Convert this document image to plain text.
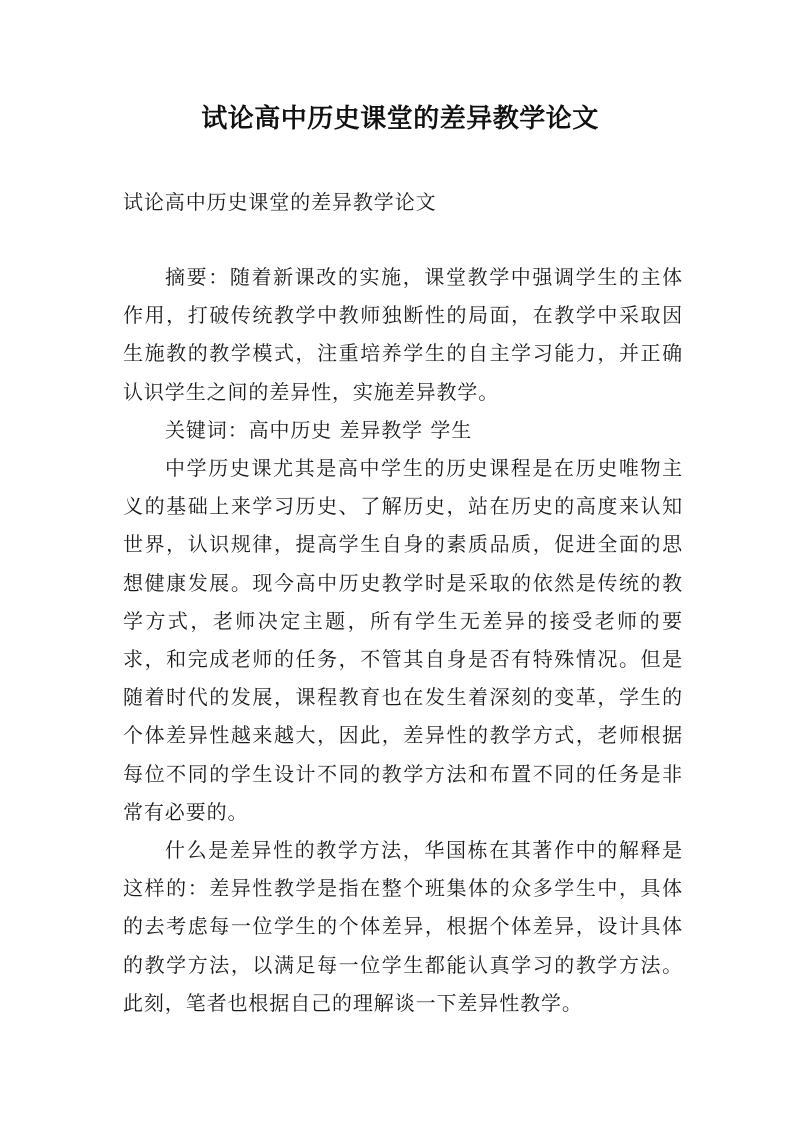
试论高中历史课堂的差异教学论文
试论高中历史课堂的差异教学论文

摘要：随着新课改的实施，课堂教学中强调学生的主体作用，打破传统教学中教师独断性的局面，在教学中采取因生施教的教学模式，注重培养学生的自主学习能力，并正确认识学生之间的差异性，实施差异教学。

关键词：高中历史 差异教学 学生

中学历史课尤其是高中学生的历史课程是在历史唯物主义的基础上来学习历史、了解历史，站在历史的高度来认知世界，认识规律，提高学生自身的素质品质，促进全面的思想健康发展。现今高中历史教学时是采取的依然是传统的教学方式，老师决定主题，所有学生无差异的接受老师的要求，和完成老师的任务，不管其自身是否有特殊情况。但是随着时代的发展，课程教育也在发生着深刻的变革，学生的个体差异性越来越大，因此，差异性的教学方式，老师根据每位不同的学生设计不同的教学方法和布置不同的任务是非常有必要的。

什么是差异性的教学方法，华国栋在其著作中的解释是这样的：差异性教学是指在整个班集体的众多学生中，具体的去考虑每一位学生的个体差异，根据个体差异，设计具体的教学方法，以满足每一位学生都能认真学习的教学方法。此刻，笔者也根据自己的理解谈一下差异性教学。
